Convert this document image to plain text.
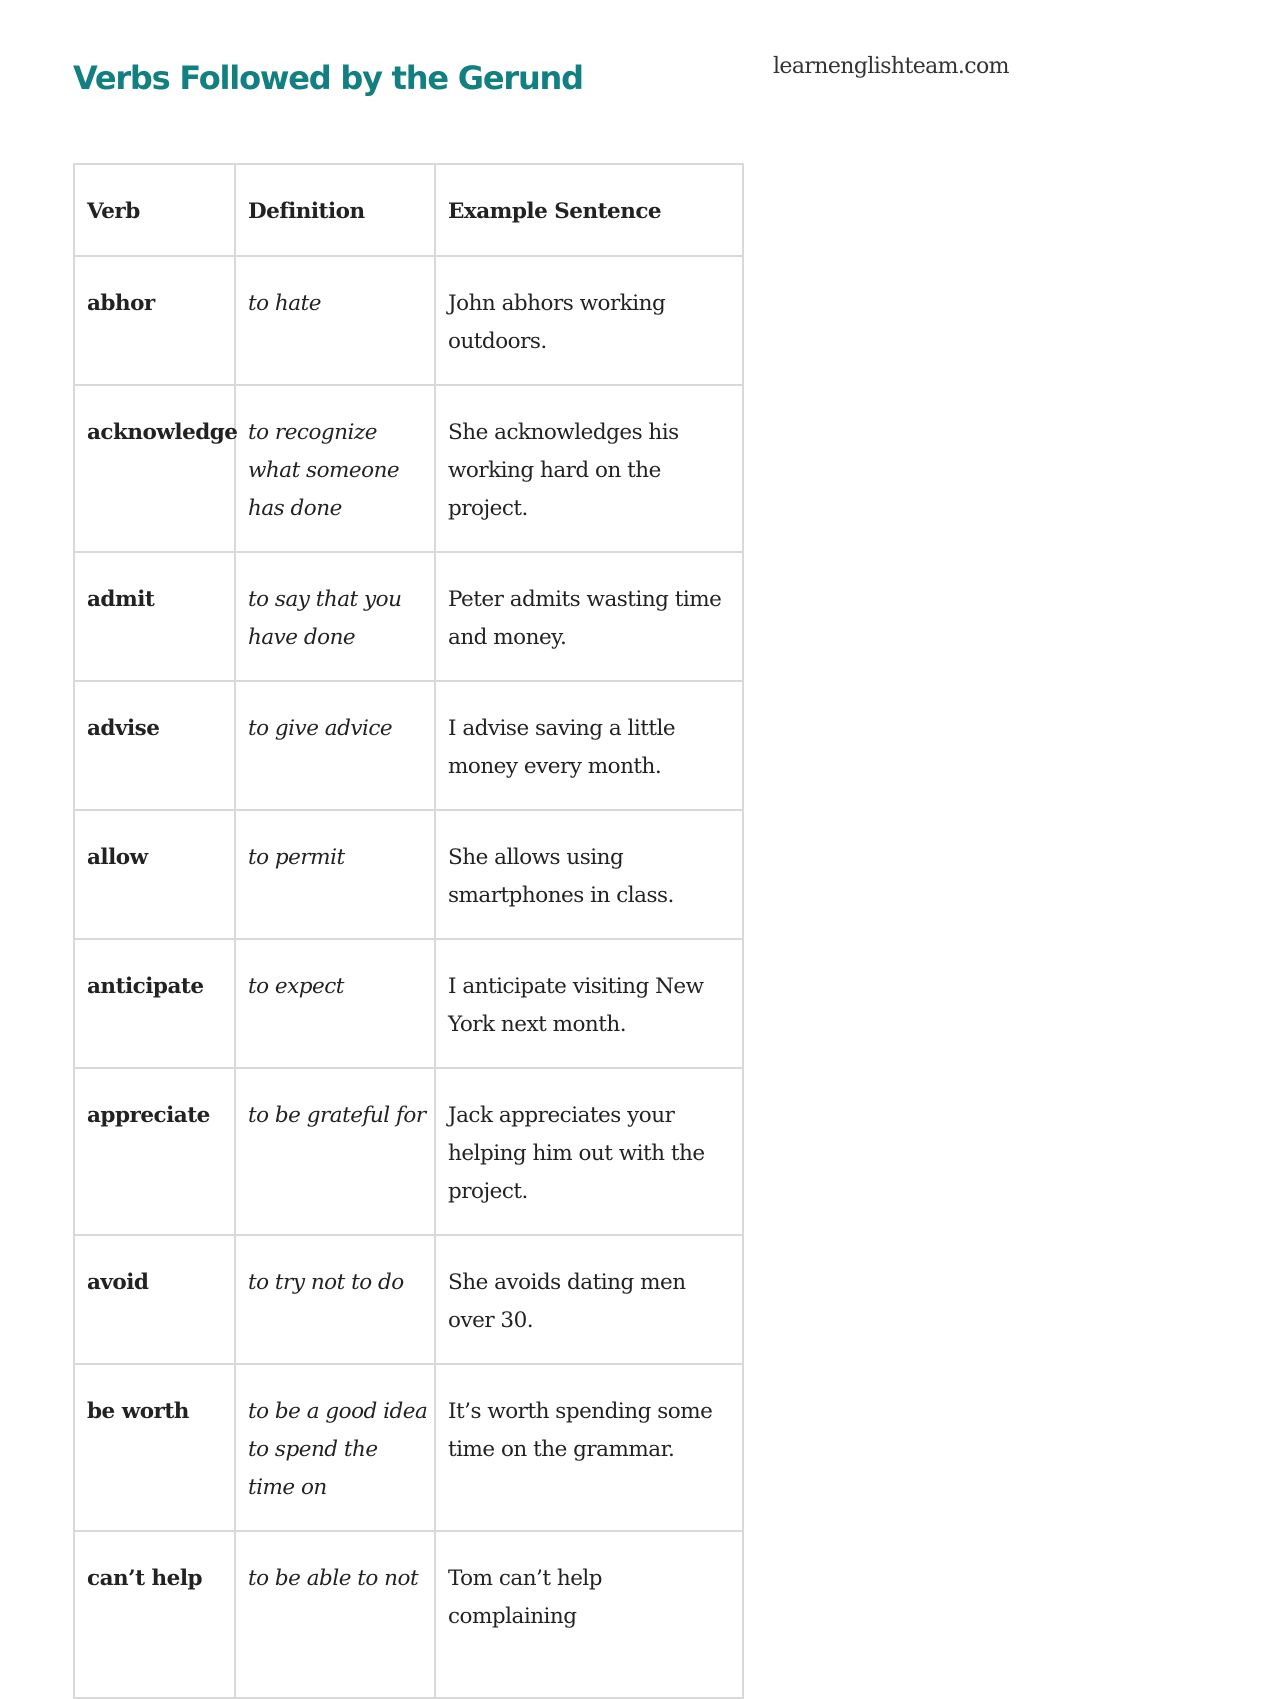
Verbs Followed by the Gerund	learnenglishteam.com
Verb	Definition	Example Sentence
abhor	to hate	John abhors working outdoors.
acknowledge	to recognize what someone has done	She acknowledges his working hard on the project.
admit	to say that you have done	Peter admits wasting time and money.
advise	to give advice	I advise saving a little money every month.
allow	to permit	She allows using smartphones in class.
anticipate	to expect	I anticipate visiting New York next month.
appreciate	to be grateful for	Jack appreciates your helping him out with the project.
avoid	to try not to do	She avoids dating men over 30.
be worth	to be a good idea to spend the time on	It’s worth spending some time on the grammar.
can’t help	to be able to not	Tom can’t help complaining
